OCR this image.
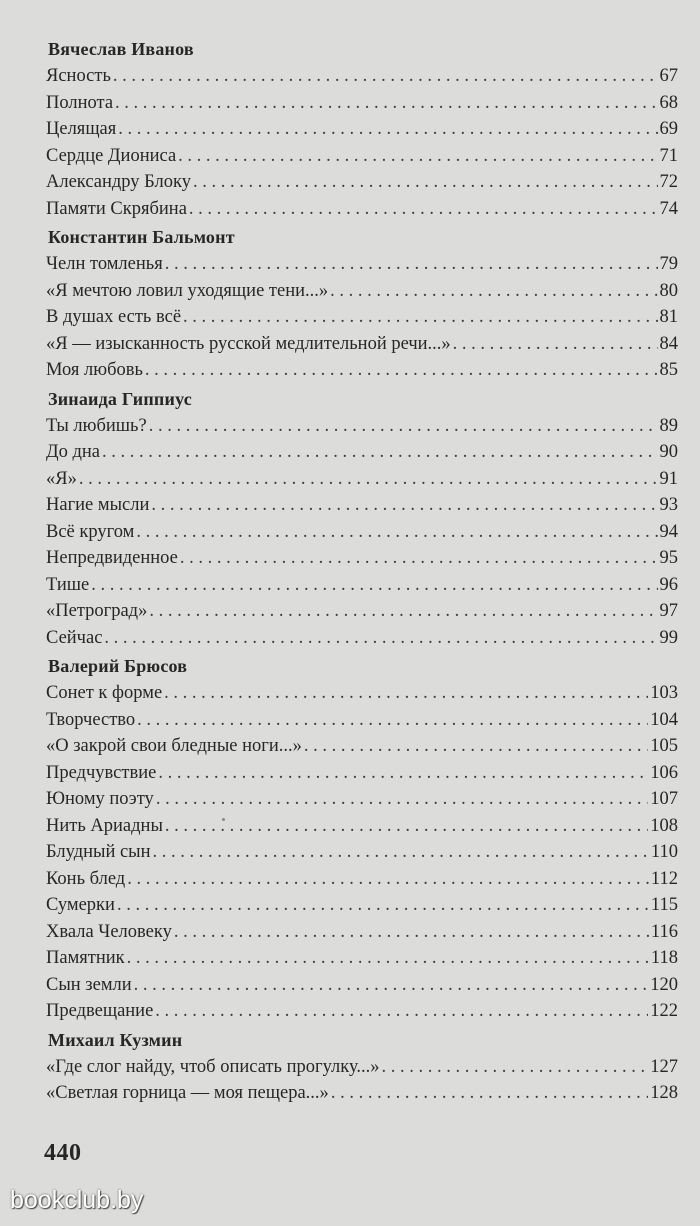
Вячеслав Иванов
Ясность . . .	67
Полнота . . .	68
Целящая . . .	69
Сердце Диониса . . .	71
Александру Блоку . . .	72
Памяти Скрябина . . .	74
Константин Бальмонт
Челн томленья . . .	79
«Я мечтою ловил уходящие тени...» . . .	80
В душах есть всё . . .	81
«Я — изысканность русской медлительной речи...» . . .	84
Моя любовь . . .	85
Зинаида Гиппиус
Ты любишь? . . .	89
До дна . . .	90
«Я» . . .	91
Нагие мысли . . .	93
Всё кругом . . .	94
Непредвиденное . . .	95
Тише . . .	96
«Петроград» . . .	97
Сейчас . . .	99
Валерий Брюсов
Сонет к форме . . .	103
Творчество . . .	104
«О закрой свои бледные ноги...» . . .	105
Предчувствие . . .	106
Юному поэту . . .	107
Нить Ариадны . . .	108
Блудный сын . . .	110
Конь блед . . .	112
Сумерки . . .	115
Хвала Человеку . . .	116
Памятник . . .	118
Сын земли . . .	120
Предвещание . . .	122
Михаил Кузмин
«Где слог найду, чтоб описать прогулку...» . . .	127
«Светлая горница — моя пещера...» . . .	128
440
bookclub.by
